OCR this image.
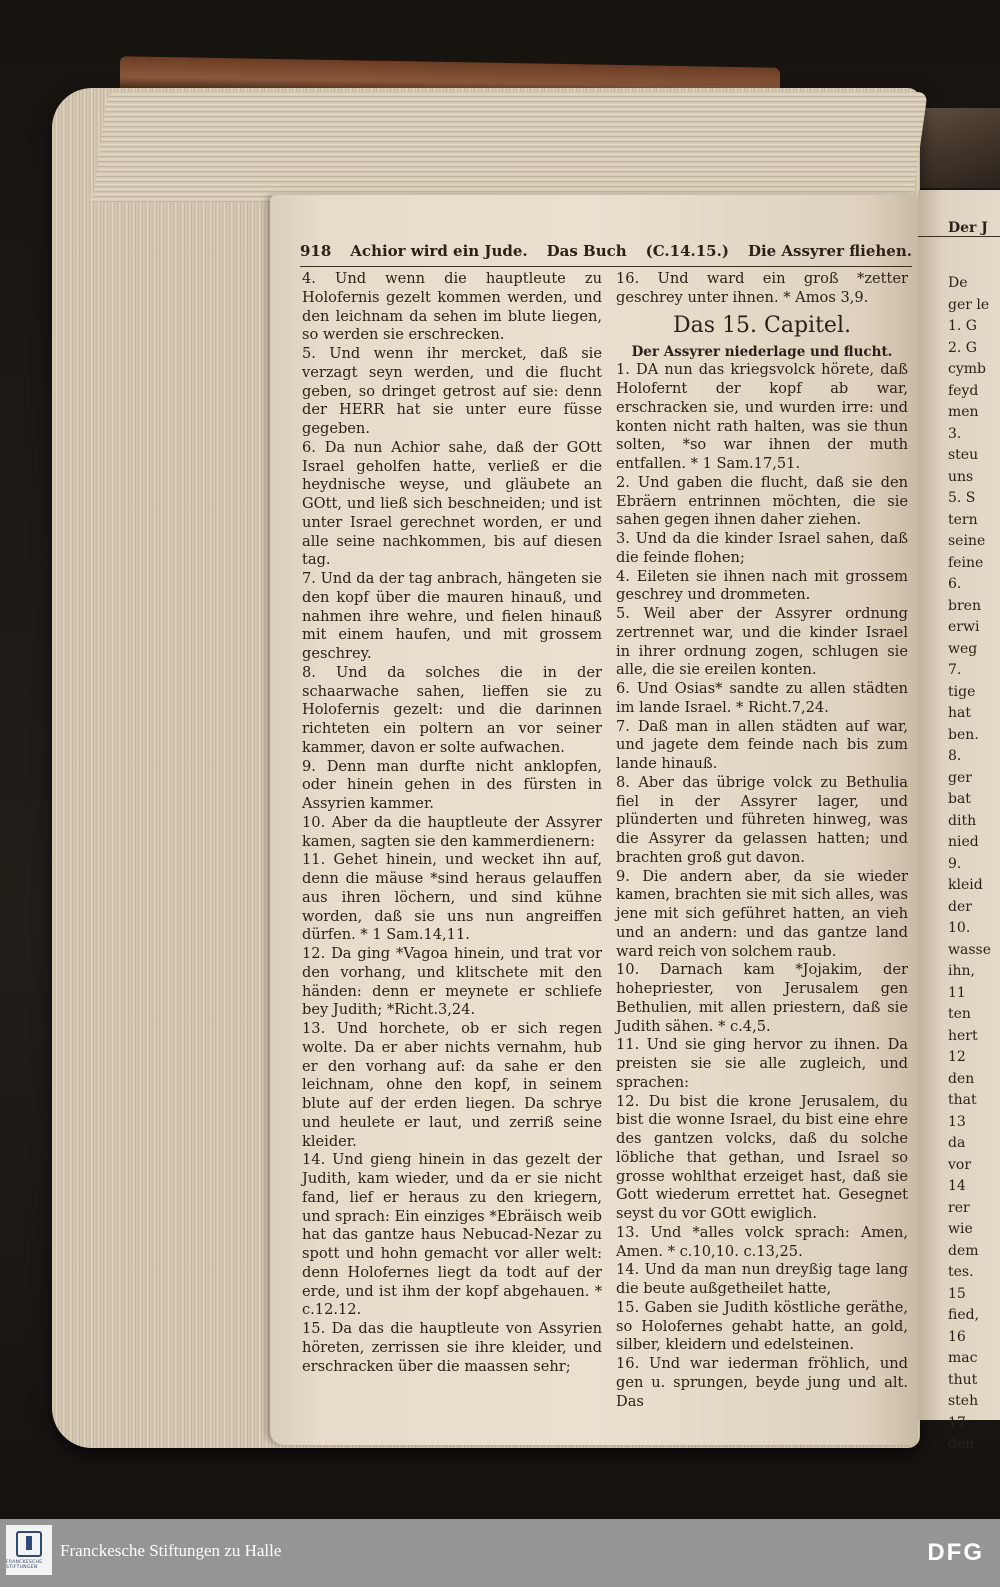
Der J
De
ger le
1. G
2. G
cymb
feyd
men
3.
steu
uns
5. S
tern
seine
feine
6.
bren
erwi
weg
7.
tige
hat
ben.
8.
ger
bat
dith
nied
9.
kleid
der
10.
wasse
ihn,
11
ten
hert
12
den
that
13
da
vor
14
rer
wie
dem
tes.
15
fied,
16
mac
thut
steh
17
den
918 Achior wird ein Jude. Das Buch (C.14.15.) Die Assyrer fliehen.

4. Und wenn die hauptleute zu Holofernis gezelt kommen werden, und den leichnam da sehen im blute liegen, so werden sie erschrecken.

5. Und wenn ihr mercket, daß sie verzagt seyn werden, und die flucht geben, so dringet getrost auf sie: denn der HERR hat sie unter eure füsse gegeben.

6. Da nun Achior sahe, daß der GOtt Israel geholfen hatte, verließ er die heydnische weyse, und gläubete an GOtt, und ließ sich beschneiden; und ist unter Israel gerechnet worden, er und alle seine nachkommen, bis auf diesen tag.

7. Und da der tag anbrach, hängeten sie den kopf über die mauren hinauß, und nahmen ihre wehre, und fielen hinauß mit einem haufen, und mit grossem geschrey.

8. Und da solches die in der schaarwache sahen, lieffen sie zu Holofernis gezelt: und die darinnen richteten ein poltern an vor seiner kammer, davon er solte aufwachen.

9. Denn man durfte nicht anklopfen, oder hinein gehen in des fürsten in Assyrien kammer.

10. Aber da die hauptleute der Assyrer kamen, sagten sie den kammerdienern:

11. Gehet hinein, und wecket ihn auf, denn die mäuse *sind heraus gelauffen aus ihren löchern, und sind kühne worden, daß sie uns nun angreiffen dürfen. * 1 Sam.14,11.

12. Da ging *Vagoa hinein, und trat vor den vorhang, und klitschete mit den händen: denn er meynete er schliefe bey Judith; *Richt.3,24.

13. Und horchete, ob er sich regen wolte. Da er aber nichts vernahm, hub er den vorhang auf: da sahe er den leichnam, ohne den kopf, in seinem blute auf der erden liegen. Da schrye und heulete er laut, und zerriß seine kleider.

14. Und gieng hinein in das gezelt der Judith, kam wieder, und da er sie nicht fand, lief er heraus zu den kriegern, und sprach: Ein einziges *Ebräisch weib hat das gantze haus Nebucad-Nezar zu spott und hohn gemacht vor aller welt: denn Holofernes liegt da todt auf der erde, und ist ihm der kopf abgehauen. * c.12.12.

15. Da das die hauptleute von Assyrien höreten, zerrissen sie ihre kleider, und erschracken über die maassen sehr;

16. Und ward ein groß *zetter geschrey unter ihnen. * Amos 3,9.

Das 15. Capitel.
Der Assyrer niederlage und flucht.

1. DA nun das kriegsvolck hörete, daß Holofernt der kopf ab war, erschracken sie, und wurden irre: und konten nicht rath halten, was sie thun solten, *so war ihnen der muth entfallen. * 1 Sam.17,51.

2. Und gaben die flucht, daß sie den Ebräern entrinnen möchten, die sie sahen gegen ihnen daher ziehen.

3. Und da die kinder Israel sahen, daß die feinde flohen;

4. Eileten sie ihnen nach mit grossem geschrey und drommeten.

5. Weil aber der Assyrer ordnung zertrennet war, und die kinder Israel in ihrer ordnung zogen, schlugen sie alle, die sie ereilen konten.

6. Und Osias* sandte zu allen städten im lande Israel. * Richt.7,24.

7. Daß man in allen städten auf war, und jagete dem feinde nach bis zum lande hinauß.

8. Aber das übrige volck zu Bethulia fiel in der Assyrer lager, und plünderten und führeten hinweg, was die Assyrer da gelassen hatten; und brachten groß gut davon.

9. Die andern aber, da sie wieder kamen, brachten sie mit sich alles, was jene mit sich geführet hatten, an vieh und an andern: und das gantze land ward reich von solchem raub.

10. Darnach kam *Jojakim, der hohepriester, von Jerusalem gen Bethulien, mit allen priestern, daß sie Judith sähen. * c.4,5.

11. Und sie ging hervor zu ihnen. Da preisten sie sie alle zugleich, und sprachen:

12. Du bist die krone Jerusalem, du bist die wonne Israel, du bist eine ehre des gantzen volcks, daß du solche löbliche that gethan, und Israel so grosse wohlthat erzeiget hast, daß sie Gott wiederum errettet hat. Gesegnet seyst du vor GOtt ewiglich.

13. Und *alles volck sprach: Amen, Amen. * c.10,10. c.13,25.

14. Und da man nun dreyßig tage lang die beute außgetheilet hatte,

15. Gaben sie Judith köstliche geräthe, so Holofernes gehabt hatte, an gold, silber, kleidern und edelsteinen.

16. Und war iederman fröhlich, und gen u. sprungen, beyde jung und alt. Das

FRANCKESCHE STIFTUNGEN
Franckesche Stiftungen zu Halle	DFG
